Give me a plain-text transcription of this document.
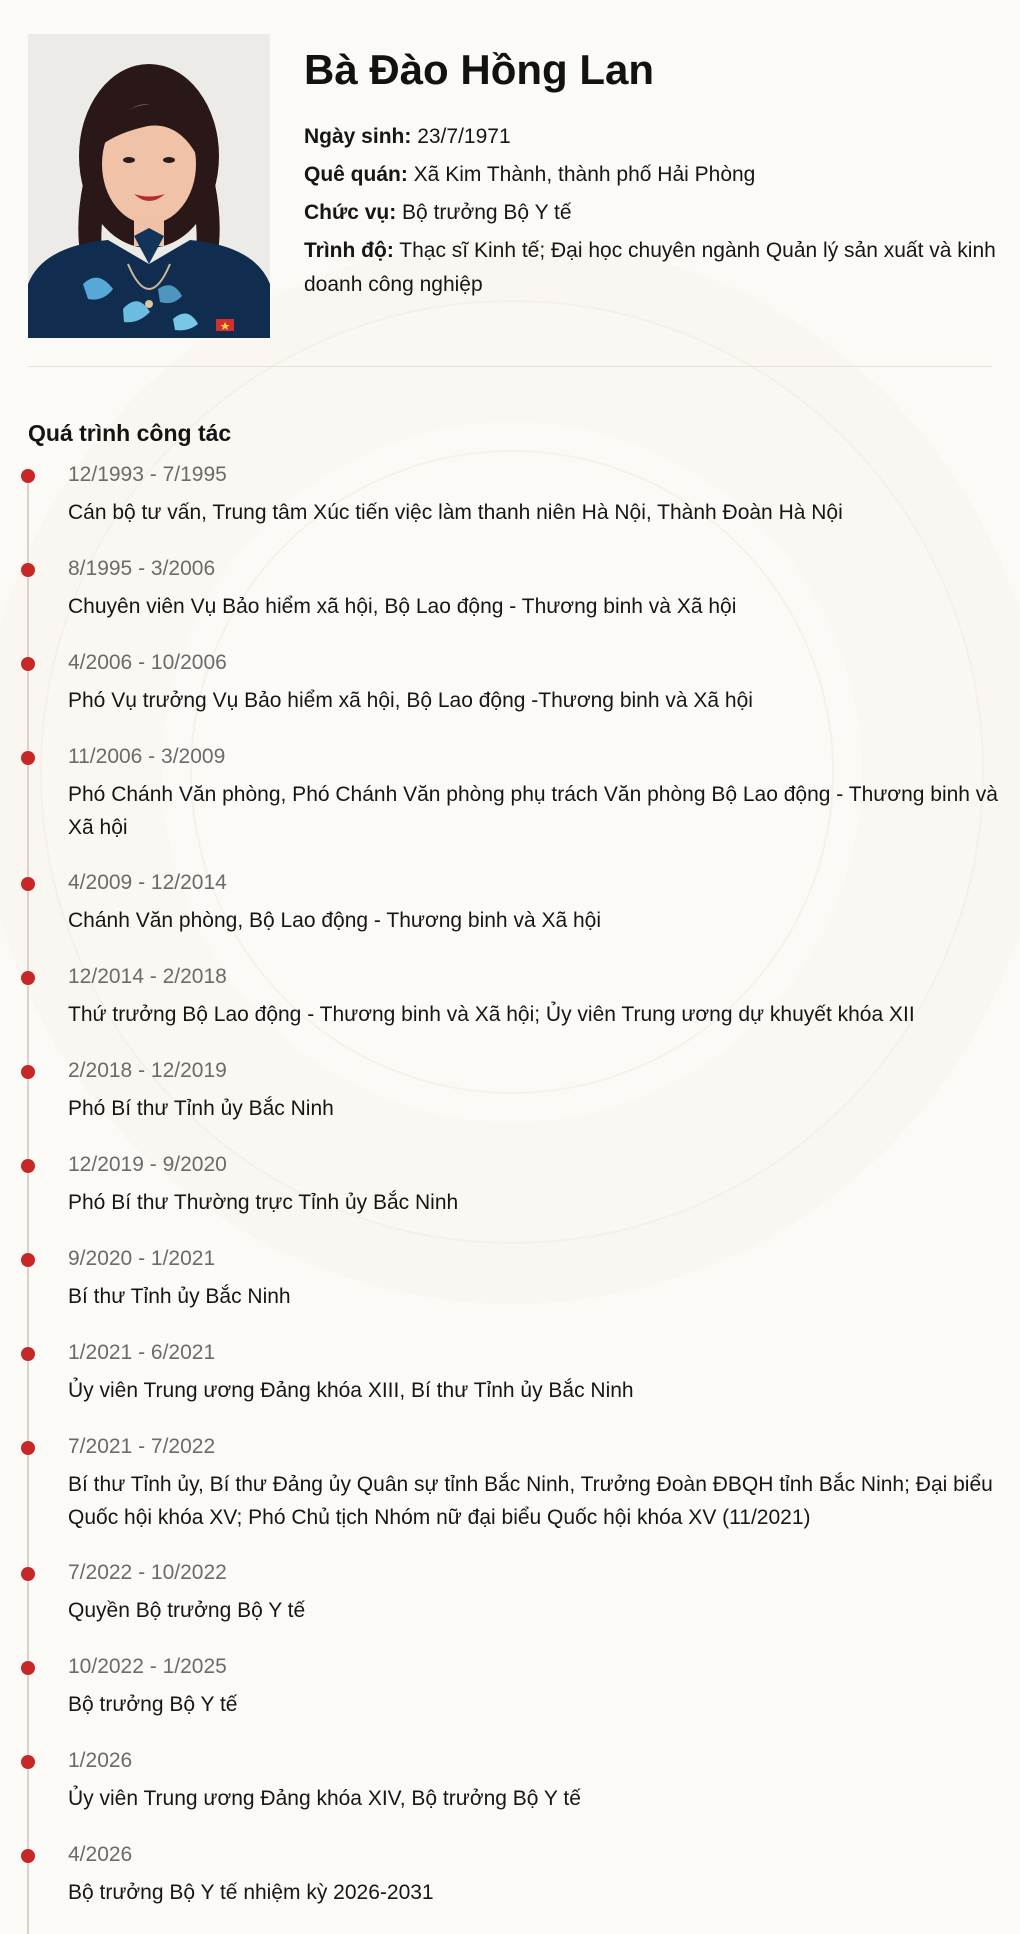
Bà Đào Hồng Lan

Ngày sinh: 23/7/1971

Quê quán: Xã Kim Thành, thành phố Hải Phòng

Chức vụ: Bộ trưởng Bộ Y tế

Trình độ: Thạc sĩ Kinh tế; Đại học chuyên ngành Quản lý sản xuất và kinh doanh công nghiệp

Quá trình công tác
12/1993 - 7/1995
Cán bộ tư vấn, Trung tâm Xúc tiến việc làm thanh niên Hà Nội, Thành Đoàn Hà Nội
8/1995 - 3/2006
Chuyên viên Vụ Bảo hiểm xã hội, Bộ Lao động - Thương binh và Xã hội
4/2006 - 10/2006
Phó Vụ trưởng Vụ Bảo hiểm xã hội, Bộ Lao động -Thương binh và Xã hội
11/2006 - 3/2009
Phó Chánh Văn phòng, Phó Chánh Văn phòng phụ trách Văn phòng Bộ Lao động - Thương binh và Xã hội
4/2009 - 12/2014
Chánh Văn phòng, Bộ Lao động - Thương binh và Xã hội
12/2014 - 2/2018
Thứ trưởng Bộ Lao động - Thương binh và Xã hội; Ủy viên Trung ương dự khuyết khóa XII
2/2018 - 12/2019
Phó Bí thư Tỉnh ủy Bắc Ninh
12/2019 - 9/2020
Phó Bí thư Thường trực Tỉnh ủy Bắc Ninh
9/2020 - 1/2021
Bí thư Tỉnh ủy Bắc Ninh
1/2021 - 6/2021
Ủy viên Trung ương Đảng khóa XIII, Bí thư Tỉnh ủy Bắc Ninh
7/2021 - 7/2022
Bí thư Tỉnh ủy, Bí thư Đảng ủy Quân sự tỉnh Bắc Ninh, Trưởng Đoàn ĐBQH tỉnh Bắc Ninh; Đại biểu Quốc hội khóa XV; Phó Chủ tịch Nhóm nữ đại biểu Quốc hội khóa XV (11/2021)
7/2022 - 10/2022
Quyền Bộ trưởng Bộ Y tế
10/2022 - 1/2025
Bộ trưởng Bộ Y tế
1/2026
Ủy viên Trung ương Đảng khóa XIV, Bộ trưởng Bộ Y tế
4/2026
Bộ trưởng Bộ Y tế nhiệm kỳ 2026-2031
